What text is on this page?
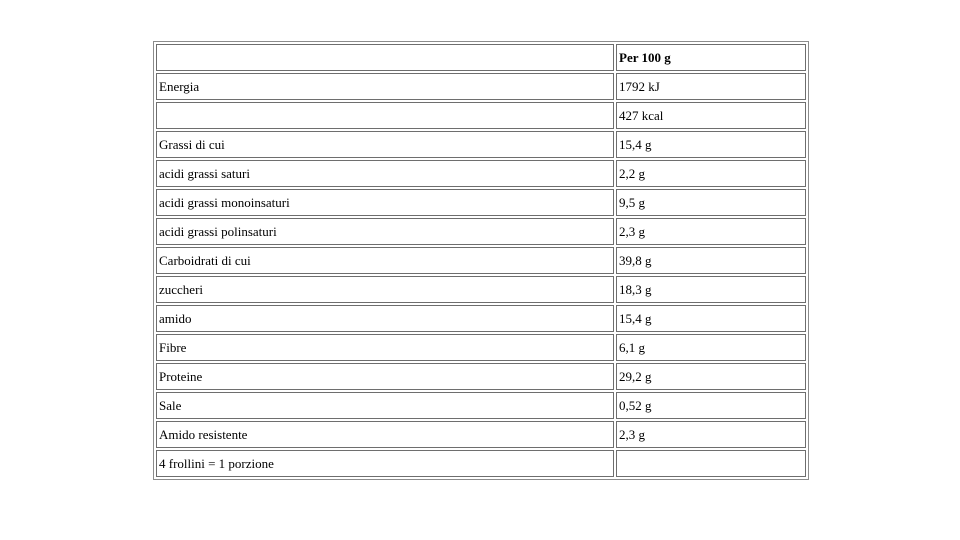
	Per 100 g
Energia	1792 kJ
	427 kcal
Grassi di cui	15,4 g
acidi grassi saturi	2,2 g
acidi grassi monoinsaturi	9,5 g
acidi grassi polinsaturi	2,3 g
Carboidrati di cui	39,8 g
zuccheri	18,3 g
amido	15,4 g
Fibre	6,1 g
Proteine	29,2 g
Sale	0,52 g
Amido resistente	2,3 g
4 frollini = 1 porzione	
